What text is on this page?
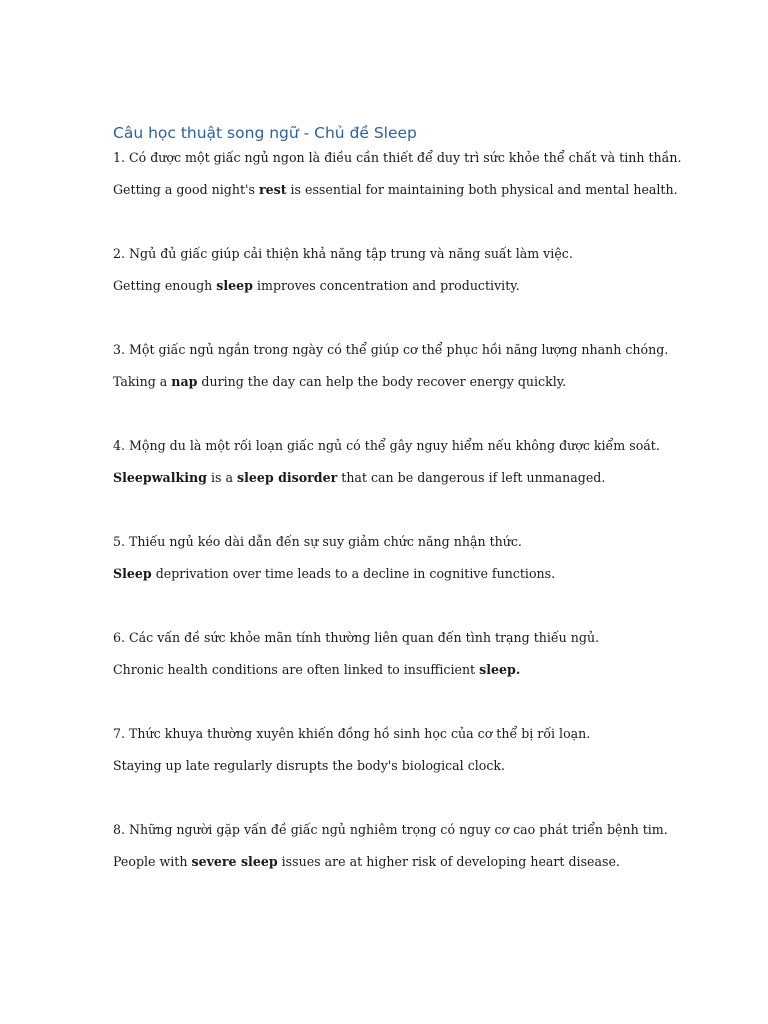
Câu học thuật song ngữ - Chủ đề Sleep

1. Có được một giấc ngủ ngon là điều cần thiết để duy trì sức khỏe thể chất và tinh thần.

Getting a good night's rest is essential for maintaining both physical and mental health.

2. Ngủ đủ giấc giúp cải thiện khả năng tập trung và năng suất làm việc.

Getting enough sleep improves concentration and productivity.

3. Một giấc ngủ ngắn trong ngày có thể giúp cơ thể phục hồi năng lượng nhanh chóng.

Taking a nap during the day can help the body recover energy quickly.

4. Mộng du là một rối loạn giấc ngủ có thể gây nguy hiểm nếu không được kiểm soát.

Sleepwalking is a sleep disorder that can be dangerous if left unmanaged.

5. Thiếu ngủ kéo dài dẫn đến sự suy giảm chức năng nhận thức.

Sleep deprivation over time leads to a decline in cognitive functions.

6. Các vấn đề sức khỏe mãn tính thường liên quan đến tình trạng thiếu ngủ.

Chronic health conditions are often linked to insufficient sleep.

7. Thức khuya thường xuyên khiến đồng hồ sinh học của cơ thể bị rối loạn.

Staying up late regularly disrupts the body's biological clock.

8. Những người gặp vấn đề giấc ngủ nghiêm trọng có nguy cơ cao phát triển bệnh tim.

People with severe sleep issues are at higher risk of developing heart disease.
